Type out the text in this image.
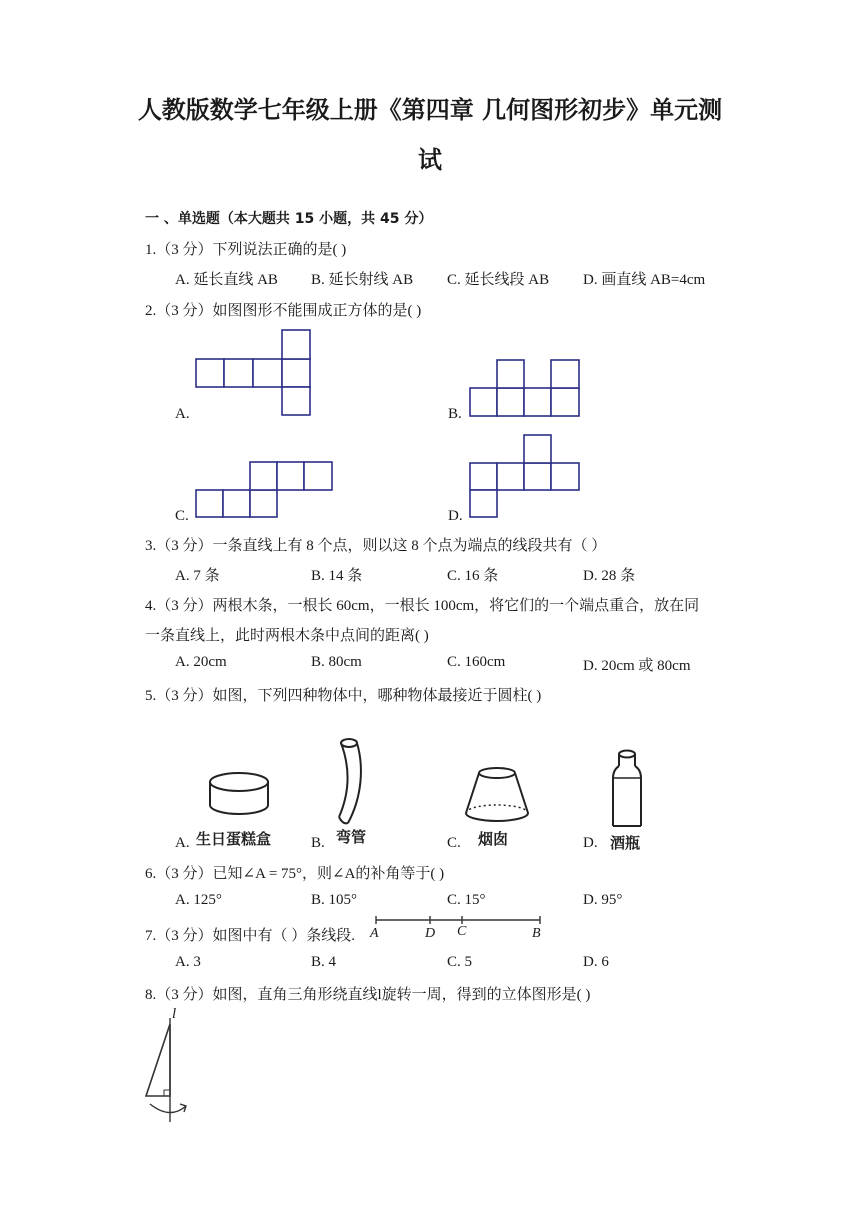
人教版数学七年级上册《第四章 几何图形初步》单元测
试
一 、单选题（本大题共 15 小题，共 45 分）
1.（3 分）下列说法正确的是( )
A. 延长直线 AB B. 延长射线 AB C. 延长线段 AB D. 画直线 AB=4cm
2.（3 分）如图图形不能围成正方体的是( )
A.	B.
C.	D.
3.（3 分）一条直线上有 8 个点，则以这 8 个点为端点的线段共有（ ）
A. 7 条	B. 14 条	C. 16 条	D. 28 条
4.（3 分）两根木条，一根长 60cm，一根长 100cm，将它们的一个端点重合，放在同
一条直线上，此时两根木条中点间的距离( )
A. 20cm	B. 80cm	C. 160cm	D. 20cm 或 80cm
5.（3 分）如图，下列四种物体中，哪种物体最接近于圆柱( )
A. 生日蛋糕盒	B. 弯管	C. 烟囱	D. 酒瓶
6.（3 分）已知∠A = 75°，则∠A的补角等于( )
A. 125°	B. 105°	C. 15°	D. 95°
7.（3 分）如图中有（ ）条线段. A	D C	B
A. 3	B. 4	C. 5	D. 6
8.（3 分）如图，直角三角形绕直线l旋转一周，得到的立体图形是( )
l
